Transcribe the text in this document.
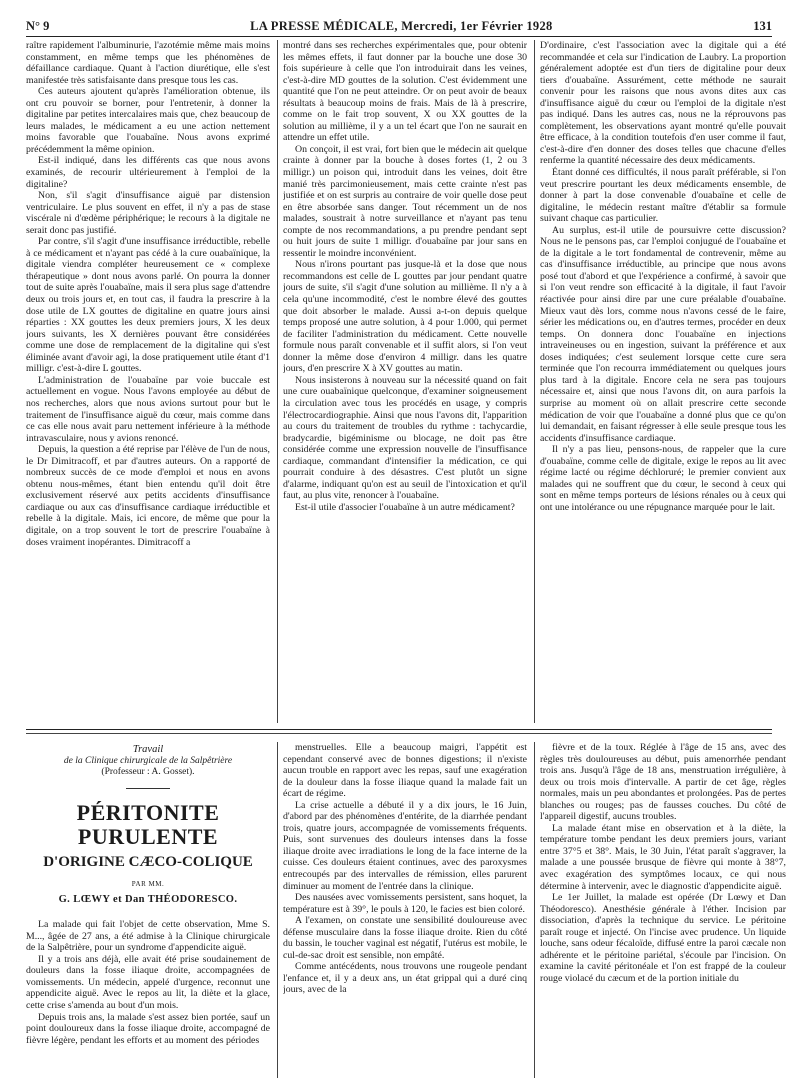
N° 9	LA PRESSE MÉDICALE, Mercredi, 1er Février 1928	131

raître rapidement l'albuminurie, l'azotémie même mais moins constamment, en même temps que les phénomènes de défaillance cardiaque. Quant à l'action diurétique, elle s'est manifestée très satisfaisante dans presque tous les cas.

Ces auteurs ajoutent qu'après l'amélioration obtenue, ils ont cru pouvoir se borner, pour l'entretenir, à donner la digitaline par petites intercalaires mais que, chez beaucoup de leurs malades, le médicament a eu une action nettement moins favorable que l'ouabaïne. Nous avons exprimé précédemment la même opinion.

Est-il indiqué, dans les différents cas que nous avons examinés, de recourir ultérieurement à l'emploi de la digitaline?

Non, s'il s'agit d'insuffisance aiguë par distension ventriculaire. Le plus souvent en effet, il n'y a pas de stase viscérale ni d'œdème périphérique; le recours à la digitale ne serait donc pas justifié.

Par contre, s'il s'agit d'une insuffisance irréductible, rebelle à ce médicament et n'ayant pas cédé à la cure ouabaïnique, la digitale viendra compléter heureusement ce « complexe thérapeutique » dont nous avons parlé. On pourra la donner tout de suite après l'ouabaïne, mais il sera plus sage d'attendre deux ou trois jours et, en tout cas, il faudra la prescrire à la dose utile de LX gouttes de digitaline en quatre jours ainsi réparties : XX gouttes les deux premiers jours, X les deux jours suivants, les X dernières pouvant être considérées comme une dose de remplacement de la digitaline qui s'est éliminée avant d'avoir agi, la dose pratiquement utile étant d'1 milligr. c'est-à-dire L gouttes.

L'administration de l'ouabaïne par voie buccale est actuellement en vogue. Nous l'avons employée au début de nos recherches, alors que nous avions surtout pour but le traitement de l'insuffisance aiguë du cœur, mais comme dans ce cas elle nous avait paru nettement inférieure à la méthode intravasculaire, nous y avions renoncé.

Depuis, la question a été reprise par l'élève de l'un de nous, le Dr Dimitracoff, et par d'autres auteurs. On a rapporté de nombreux succès de ce mode d'emploi et nous en avons obtenu nous-mêmes, étant bien entendu qu'il doit être exclusivement réservé aux petits accidents d'insuffisance cardiaque ou aux cas d'insuffisance cardiaque irréductible et rebelle à la digitale. Mais, ici encore, de même que pour la digitale, on a trop souvent le tort de prescrire l'ouabaïne à doses vraiment inopérantes. Dimitracoff a

montré dans ses recherches expérimentales que, pour obtenir les mêmes effets, il faut donner par la bouche une dose 30 fois supérieure à celle que l'on introduirait dans les veines, c'est-à-dire MD gouttes de la solution. C'est évidemment une quantité que l'on ne peut atteindre. Or on peut avoir de beaux résultats à beaucoup moins de frais. Mais de là à prescrire, comme on le fait trop souvent, X ou XX gouttes de la solution au millième, il y a un tel écart que l'on ne saurait en attendre un effet utile.

On conçoit, il est vrai, fort bien que le médecin ait quelque crainte à donner par la bouche à doses fortes (1, 2 ou 3 milligr.) un poison qui, introduit dans les veines, doit être manié très parcimonieusement, mais cette crainte n'est pas justifiée et on est surpris au contraire de voir quelle dose peut en être absorbée sans danger. Tout récemment un de nos malades, soustrait à notre surveillance et n'ayant pas tenu compte de nos recommandations, a pu prendre pendant sept ou huit jours de suite 1 milligr. d'ouabaïne par jour sans en ressentir le moindre inconvénient.

Nous n'irons pourtant pas jusque-là et la dose que nous recommandons est celle de L gouttes par jour pendant quatre jours de suite, s'il s'agit d'une solution au millième. Il n'y a à cela qu'une incommodité, c'est le nombre élevé des gouttes que doit absorber le malade. Aussi a-t-on depuis quelque temps proposé une autre solution, à 4 pour 1.000, qui permet de faciliter l'administration du médicament. Cette nouvelle formule nous paraît convenable et il suffit alors, si l'on veut donner la même dose d'environ 4 milligr. dans les quatre jours, d'en prescrire X à XV gouttes au matin.

Nous insisterons à nouveau sur la nécessité quand on fait une cure ouabaïnique quelconque, d'examiner soigneusement la circulation avec tous les procédés en usage, y compris l'électrocardiographie. Ainsi que nous l'avons dit, l'apparition au cours du traitement de troubles du rythme : tachycardie, bradycardie, bigéminisme ou blocage, ne doit pas être considérée comme une expression nouvelle de l'insuffisance cardiaque, commandant d'intensifier la médication, ce qui pourrait conduire à des désastres. C'est plutôt un signe d'alarme, indiquant qu'on est au seuil de l'intoxication et qu'il faut, au plus vite, renoncer à l'ouabaïne.

Est-il utile d'associer l'ouabaïne à un autre médicament?

D'ordinaire, c'est l'association avec la digitale qui a été recommandée et cela sur l'indication de Laubry. La proportion généralement adoptée est d'un tiers de digitaline pour deux tiers d'ouabaïne. Assurément, cette méthode ne saurait convenir pour les raisons que nous avons dites aux cas d'insuffisance aiguë du cœur ou l'emploi de la digitale n'est pas indiqué. Dans les autres cas, nous ne la réprouvons pas complètement, les observations ayant montré qu'elle pouvait être efficace, à la condition toutefois d'en user comme il faut, c'est-à-dire d'en donner des doses telles que chacune d'elles renferme la quantité nécessaire des deux médicaments.

Étant donné ces difficultés, il nous paraît préférable, si l'on veut prescrire pourtant les deux médicaments ensemble, de donner à part la dose convenable d'ouabaïne et celle de digitaline, le médecin restant maître d'établir sa formule suivant chaque cas particulier.

Au surplus, est-il utile de poursuivre cette discussion? Nous ne le pensons pas, car l'emploi conjugué de l'ouabaïne et de la digitale a le tort fondamental de contrevenir, même au cas d'insuffisance irréductible, au principe que nous avons posé tout d'abord et que l'expérience a confirmé, à savoir que si l'on veut rendre son efficacité à la digitale, il faut l'avoir réactivée pour ainsi dire par une cure préalable d'ouabaïne. Mieux vaut dès lors, comme nous n'avons cessé de le faire, sérier les médications ou, en d'autres termes, procéder en deux temps. On donnera donc l'ouabaïne en injections intraveineuses ou en ingestion, suivant la préférence et aux doses indiquées; c'est seulement lorsque cette cure sera terminée que l'on recourra immédiatement ou quelques jours plus tard à la digitale. Encore cela ne sera pas toujours nécessaire et, ainsi que nous l'avons dit, on aura parfois la surprise au moment où on allait prescrire cette seconde médication de voir que l'ouabaïne a donné plus que ce qu'on lui demandait, en faisant régresser à elle seule presque tous les accidents d'insuffisance cardiaque.

Il n'y a pas lieu, pensons-nous, de rappeler que la cure d'ouabaïne, comme celle de digitale, exige le repos au lit avec régime lacté ou régime déchloruré; le premier convient aux malades qui ne souffrent que du cœur, le second à ceux qui sont en même temps porteurs de lésions rénales ou à ceux qui ont une intolérance ou une répugnance marquée pour le lait.

Travail
de la Clinique chirurgicale de la Salpêtrière
(Professeur : A. Gosset).
PÉRITONITE PURULENTE
D'ORIGINE CÆCO-COLIQUE
PAR MM.
G. LŒWY et Dan THÉODORESCO.

La malade qui fait l'objet de cette observation, Mme S. M..., âgée de 27 ans, a été admise à la Clinique chirurgicale de la Salpêtrière, pour un syndrome d'appendicite aiguë.

Il y a trois ans déjà, elle avait été prise soudainement de douleurs dans la fosse iliaque droite, accompagnées de vomissements. Un médecin, appelé d'urgence, reconnut une appendicite aiguë. Avec le repos au lit, la diète et la glace, cette crise s'amenda au bout d'un mois.

Depuis trois ans, la malade s'est assez bien portée, sauf un point douloureux dans la fosse iliaque droite, accompagné de fièvre légère, pendant les efforts et au moment des périodes

menstruelles. Elle a beaucoup maigri, l'appétit est cependant conservé avec de bonnes digestions; il n'existe aucun trouble en rapport avec les repas, sauf une exagération de la douleur dans la fosse iliaque quand la malade fait un écart de régime.

La crise actuelle a débuté il y a dix jours, le 16 Juin, d'abord par des phénomènes d'entérite, de la diarrhée pendant trois, quatre jours, accompagnée de vomissements fréquents. Puis, sont survenues des douleurs intenses dans la fosse iliaque droite avec irradiations le long de la face interne de la cuisse. Ces douleurs étaient continues, avec des paroxysmes entrecoupés par des intervalles de rémission, elles parurent diminuer au moment de l'entrée dans la clinique.

Des nausées avec vomissements persistent, sans hoquet, la température est à 39°, le pouls à 120, le facies est bien coloré.

A l'examen, on constate une sensibilité douloureuse avec défense musculaire dans la fosse iliaque droite. Rien du côté du bassin, le toucher vaginal est négatif, l'utérus est mobile, le cul-de-sac droit est sensible, non empâté.

Comme antécédents, nous trouvons une rougeole pendant l'enfance et, il y a deux ans, un état grippal qui a duré cinq jours, avec de la

fièvre et de la toux. Réglée à l'âge de 15 ans, avec des règles très douloureuses au début, puis amenorrhée pendant trois ans. Jusqu'à l'âge de 18 ans, menstruation irrégulière, à deux ou trois mois d'intervalle. A partir de cet âge, règles normales, mais un peu abondantes et prolongées. Pas de pertes blanches ou rouges; pas de fausses couches. Du côté de l'appareil digestif, aucuns troubles.

La malade étant mise en observation et à la diète, la température tombe pendant les deux premiers jours, variant entre 37°5 et 38°. Mais, le 30 Juin, l'état paraît s'aggraver, la malade a une poussée brusque de fièvre qui monte à 38°7, avec exagération des symptômes locaux, ce qui nous détermine à intervenir, avec le diagnostic d'appendicite aiguë.

Le 1er Juillet, la malade est opérée (Dr Lœwy et Dan Théodoresco). Anesthésie générale à l'éther. Incision par dissociation, d'après la technique du service. Le péritoine paraît rouge et injecté. On l'incise avec prudence. Un liquide louche, sans odeur fécaloïde, diffusé entre la paroi cæcale non adhérente et le péritoine pariétal, s'écoule par l'incision. On examine la cavité péritonéale et l'on est frappé de la couleur rouge violacé du cæcum et de la portion initiale du
